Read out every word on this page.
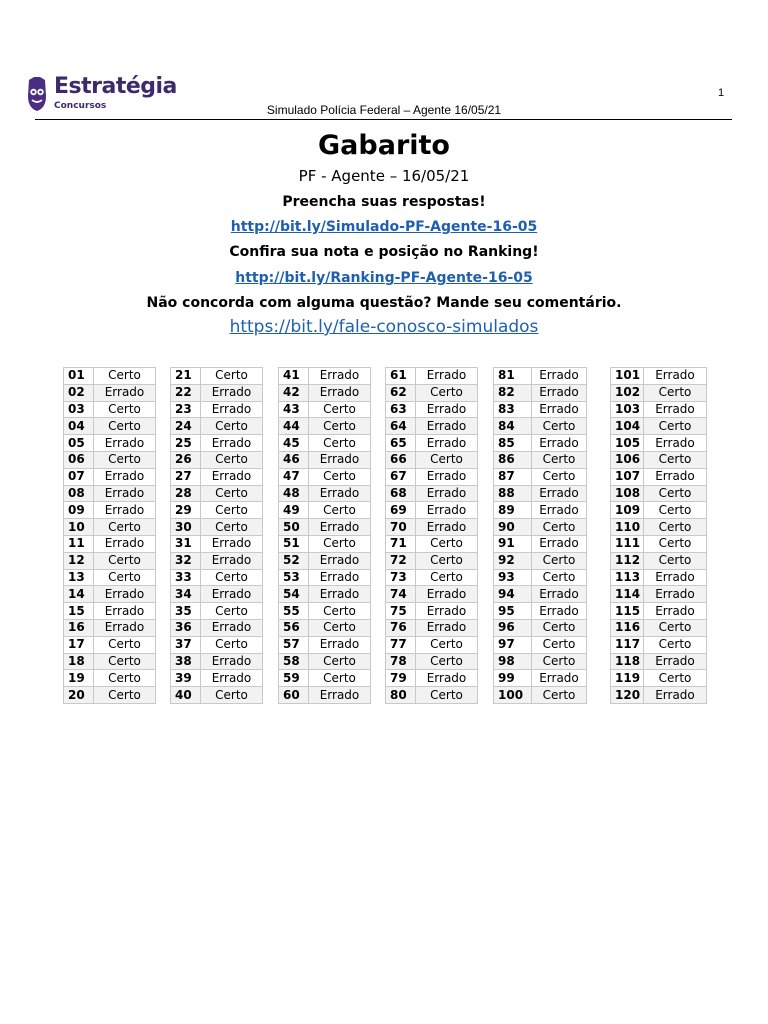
Estratégia
Concursos
1
Simulado Polícia Federal – Agente 16/05/21
Gabarito
PF - Agente – 16/05/21
Preencha suas respostas!
http://bit.ly/Simulado-PF-Agente-16-05
Confira sua nota e posição no Ranking!
http://bit.ly/Ranking-PF-Agente-16-05
Não concorda com alguma questão? Mande seu comentário.
https://bit.ly/fale-conosco-simulados
01	Certo
02	Errado
03	Certo
04	Certo
05	Errado
06	Certo
07	Errado
08	Errado
09	Errado
10	Certo
11	Errado
12	Certo
13	Certo
14	Errado
15	Errado
16	Errado
17	Certo
18	Certo
19	Certo
20	Certo
21	Certo
22	Errado
23	Errado
24	Certo
25	Errado
26	Certo
27	Errado
28	Certo
29	Certo
30	Certo
31	Errado
32	Errado
33	Certo
34	Errado
35	Certo
36	Errado
37	Certo
38	Errado
39	Errado
40	Certo
41	Errado
42	Errado
43	Certo
44	Certo
45	Certo
46	Errado
47	Certo
48	Errado
49	Certo
50	Errado
51	Certo
52	Errado
53	Errado
54	Errado
55	Certo
56	Certo
57	Errado
58	Certo
59	Certo
60	Errado
61	Errado
62	Certo
63	Errado
64	Errado
65	Errado
66	Certo
67	Errado
68	Errado
69	Errado
70	Errado
71	Certo
72	Certo
73	Certo
74	Errado
75	Errado
76	Errado
77	Certo
78	Certo
79	Errado
80	Certo
81	Errado
82	Errado
83	Errado
84	Certo
85	Errado
86	Certo
87	Certo
88	Errado
89	Errado
90	Certo
91	Errado
92	Certo
93	Certo
94	Errado
95	Errado
96	Certo
97	Certo
98	Certo
99	Errado
100	Certo
101	Errado
102	Certo
103	Errado
104	Certo
105	Errado
106	Certo
107	Errado
108	Certo
109	Certo
110	Certo
111	Certo
112	Certo
113	Errado
114	Errado
115	Errado
116	Certo
117	Certo
118	Errado
119	Certo
120	Errado
